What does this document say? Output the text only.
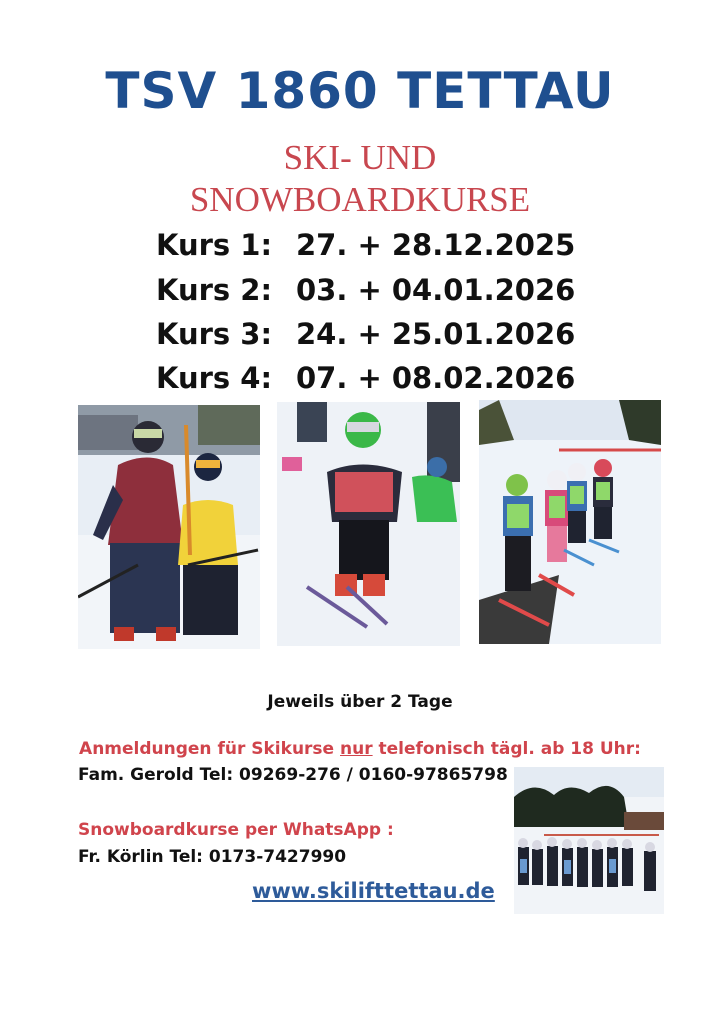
TSV 1860 TETTAU
SKI- UND
SNOWBOARDKURSE
Kurs 1: 27. + 28.12.2025
Kurs 2: 03. + 04.01.2026
Kurs 3: 24. + 25.01.2026
Kurs 4: 07. + 08.02.2026
Jeweils über 2 Tage
Anmeldungen für Skikurse nur telefonisch tägl. ab 18 Uhr:
Fam. Gerold Tel: 09269-276 / 0160-97865798
Snowboardkurse per WhatsApp :
Fr. Körlin Tel: 0173-7427990
www.skilifttettau.de
